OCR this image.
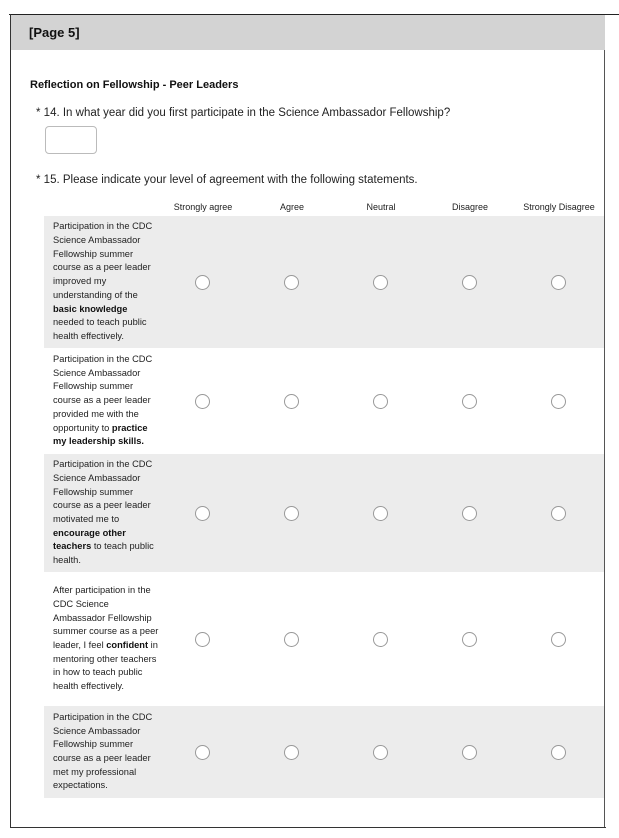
[Page 5]
Reflection on Fellowship - Peer Leaders
* 14. In what year did you first participate in the Science Ambassador Fellowship?
* 15. Please indicate your level of agreement with the following statements.
Strongly agree	Agree	Neutral	Disagree	Strongly Disagree
Participation in the CDC Science Ambassador Fellowship summer course as a peer leader improved my understanding of the basic knowledge needed to teach public health effectively.
Participation in the CDC Science Ambassador Fellowship summer course as a peer leader provided me with the opportunity to practice my leadership skills.
Participation in the CDC Science Ambassador Fellowship summer course as a peer leader motivated me to encourage other teachers to teach public health.
After participation in the CDC Science Ambassador Fellowship summer course as a peer leader, I feel confident in mentoring other teachers in how to teach public health effectively.
Participation in the CDC Science Ambassador Fellowship summer course as a peer leader met my professional expectations.
